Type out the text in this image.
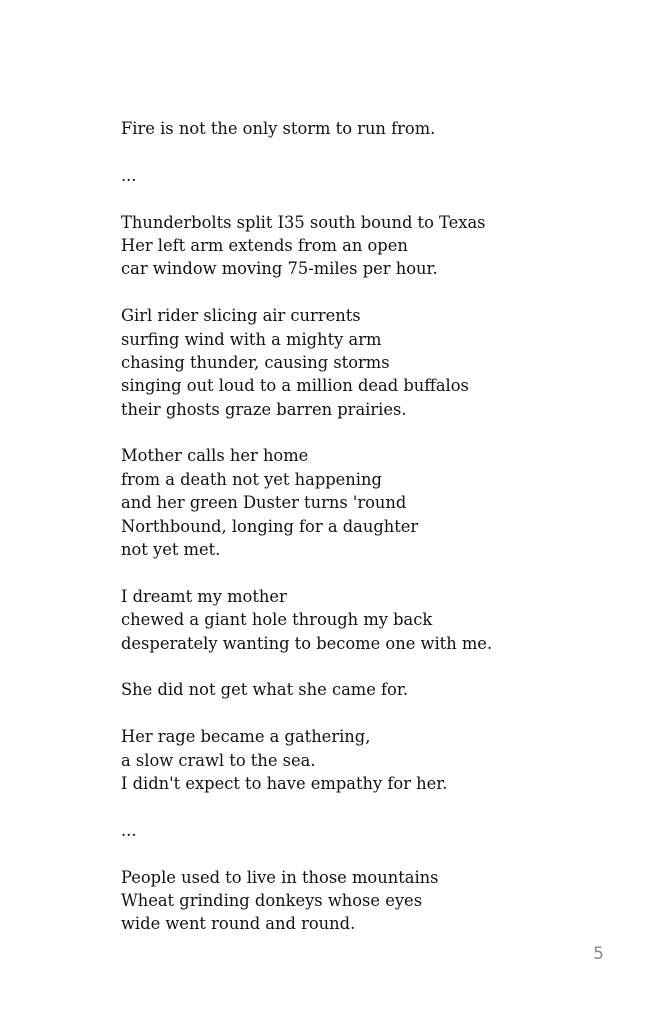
Fire is not the only storm to run from.
...
Thunderbolts split I35 south bound to Texas
Her left arm extends from an open
car window moving 75-miles per hour.
Girl rider slicing air currents
surfing wind with a mighty arm
chasing thunder, causing storms
singing out loud to a million dead buffalos
their ghosts graze barren prairies.
Mother calls her home
from a death not yet happening
and her green Duster turns 'round
Northbound, longing for a daughter
not yet met.
I dreamt my mother
chewed a giant hole through my back
desperately wanting to become one with me.
She did not get what she came for.
Her rage became a gathering,
a slow crawl to the sea.
I didn't expect to have empathy for her.
...
People used to live in those mountains
Wheat grinding donkeys whose eyes
wide went round and round.
5
